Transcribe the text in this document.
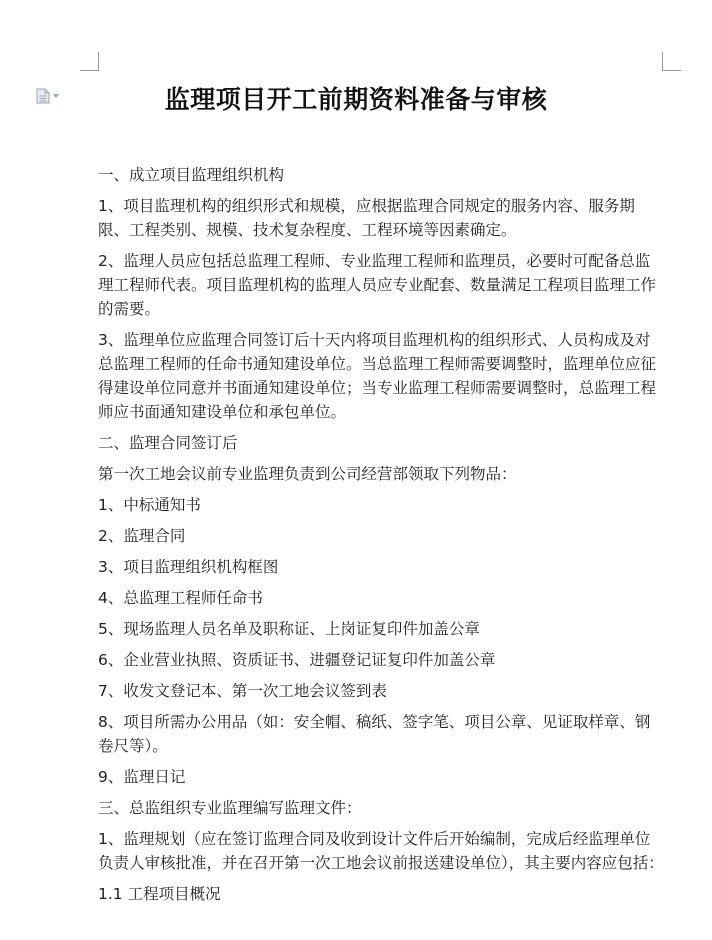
监理项目开工前期资料准备与审核

一、成立项目监理组织机构

1、项目监理机构的组织形式和规模，应根据监理合同规定的服务内容、服务期限、工程类别、规模、技术复杂程度、工程环境等因素确定。

2、监理人员应包括总监理工程师、专业监理工程师和监理员，必要时可配备总监理工程师代表。项目监理机构的监理人员应专业配套、数量满足工程项目监理工作的需要。

3、监理单位应监理合同签订后十天内将项目监理机构的组织形式、人员构成及对总监理工程师的任命书通知建设单位。当总监理工程师需要调整时，监理单位应征得建设单位同意并书面通知建设单位；当专业监理工程师需要调整时，总监理工程师应书面通知建设单位和承包单位。

二、监理合同签订后

第一次工地会议前专业监理负责到公司经营部领取下列物品：

1、中标通知书

2、监理合同

3、项目监理组织机构框图

4、总监理工程师任命书

5、现场监理人员名单及职称证、上岗证复印件加盖公章

6、企业营业执照、资质证书、进疆登记证复印件加盖公章

7、收发文登记本、第一次工地会议签到表

8、项目所需办公用品（如：安全帽、稿纸、签字笔、项目公章、见证取样章、钢卷尺等）。

9、监理日记

三、总监组织专业监理编写监理文件：

1、监理规划（应在签订监理合同及收到设计文件后开始编制，完成后经监理单位负责人审核批准，并在召开第一次工地会议前报送建设单位），其主要内容应包括：

1.1 工程项目概况
